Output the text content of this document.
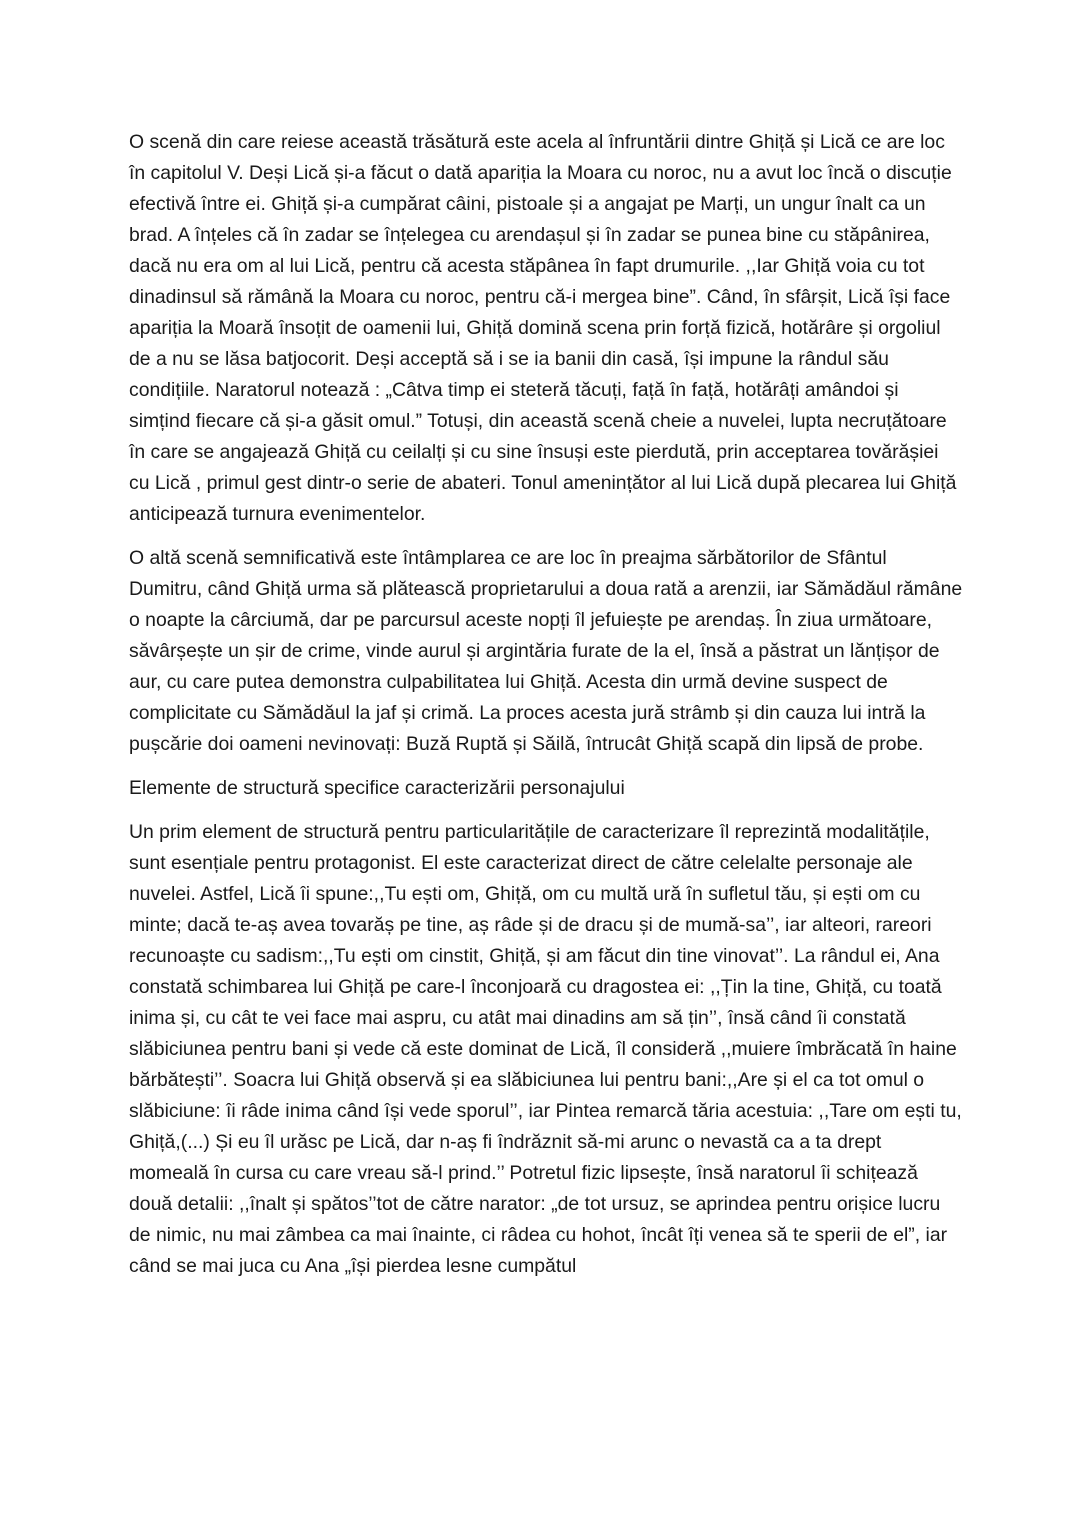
O scenă din care reiese această trăsătură este acela al înfruntării dintre Ghiță și Lică ce are loc în capitolul V. Deși Lică și-a făcut o dată apariția la Moara cu noroc, nu a avut loc încă o discuție efectivă între ei. Ghiță și-a cumpărat câini, pistoale și a angajat pe Marți, un ungur înalt ca un brad. A înțeles că în zadar se înțelegea cu arendașul și în zadar se punea bine cu stăpânirea, dacă nu era om al lui Lică, pentru că acesta stăpânea în fapt drumurile. ,,Iar Ghiță voia cu tot dinadinsul să rămână la Moara cu noroc, pentru că-i mergea bine”. Când, în sfârșit, Lică își face apariția la Moară însoțit de oamenii lui, Ghiță domină scena prin forță fizică, hotărâre și orgoliul de a nu se lăsa batjocorit. Deși acceptă să i se ia banii din casă, își impune la rândul său condițiile. Naratorul notează : „Câtva timp ei steteră tăcuți, față în față, hotărâți amândoi și simțind fiecare că și-a găsit omul.” Totuși, din această scenă cheie a nuvelei, lupta necruțătoare în care se angajează Ghiță cu ceilalți și cu sine însuși este pierdută, prin acceptarea tovărășiei cu Lică , primul gest dintr-o serie de abateri. Tonul amenințător al lui Lică după plecarea lui Ghiță anticipează turnura evenimentelor.

O altă scenă semnificativă este întâmplarea ce are loc în preajma sărbătorilor de Sfântul Dumitru, când Ghiță urma să plătească proprietarului a doua rată a arenzii, iar Sămădăul rămâne o noapte la cârciumă, dar pe parcursul aceste nopți îl jefuiește pe arendaș. În ziua următoare, săvârșește un șir de crime, vinde aurul și argintăria furate de la el, însă a păstrat un lănțișor de aur, cu care putea demonstra culpabilitatea lui Ghiță. Acesta din urmă devine suspect de complicitate cu Sămădăul la jaf și crimă. La proces acesta jură strâmb și din cauza lui intră la pușcărie doi oameni nevinovați: Buză Ruptă și Săilă, întrucât Ghiță scapă din lipsă de probe.

Elemente de structură specifice caracterizării personajului

Un prim element de structură pentru particularitățile de caracterizare îl reprezintă modalitățile, sunt esențiale pentru protagonist. El este caracterizat direct de către celelalte personaje ale nuvelei. Astfel, Lică îi spune:,,Tu ești om, Ghiță, om cu multă ură în sufletul tău, și ești om cu minte; dacă te-aș avea tovarăș pe tine, aș râde și de dracu și de mumă-sa’’, iar alteori, rareori recunoaște cu sadism:,,Tu ești om cinstit, Ghiță, și am făcut din tine vinovat’’. La rândul ei, Ana constată schimbarea lui Ghiță pe care-l înconjoară cu dragostea ei: ,,Țin la tine, Ghiță, cu toată inima și, cu cât te vei face mai aspru, cu atât mai dinadins am să țin’’, însă când îi constată slăbiciunea pentru bani și vede că este dominat de Lică, îl consideră ,,muiere îmbrăcată în haine bărbătești’’. Soacra lui Ghiță observă și ea slăbiciunea lui pentru bani:,,Are și el ca tot omul o slăbiciune: îi râde inima când își vede sporul’’, iar Pintea remarcă tăria acestuia: ,,Tare om ești tu, Ghiță,(...) Și eu îl urăsc pe Lică, dar n-aș fi îndrăznit să-mi arunc o nevastă ca a ta drept momeală în cursa cu care vreau să-l prind.’’ Potretul fizic lipsește, însă naratorul îi schițează două detalii: ,,înalt și spătos’’tot de către narator: „de tot ursuz, se aprindea pentru orișice lucru de nimic, nu mai zâmbea ca mai înainte, ci râdea cu hohot, încât îți venea să te sperii de el”, iar când se mai juca cu Ana „își pierdea lesne cumpătul
